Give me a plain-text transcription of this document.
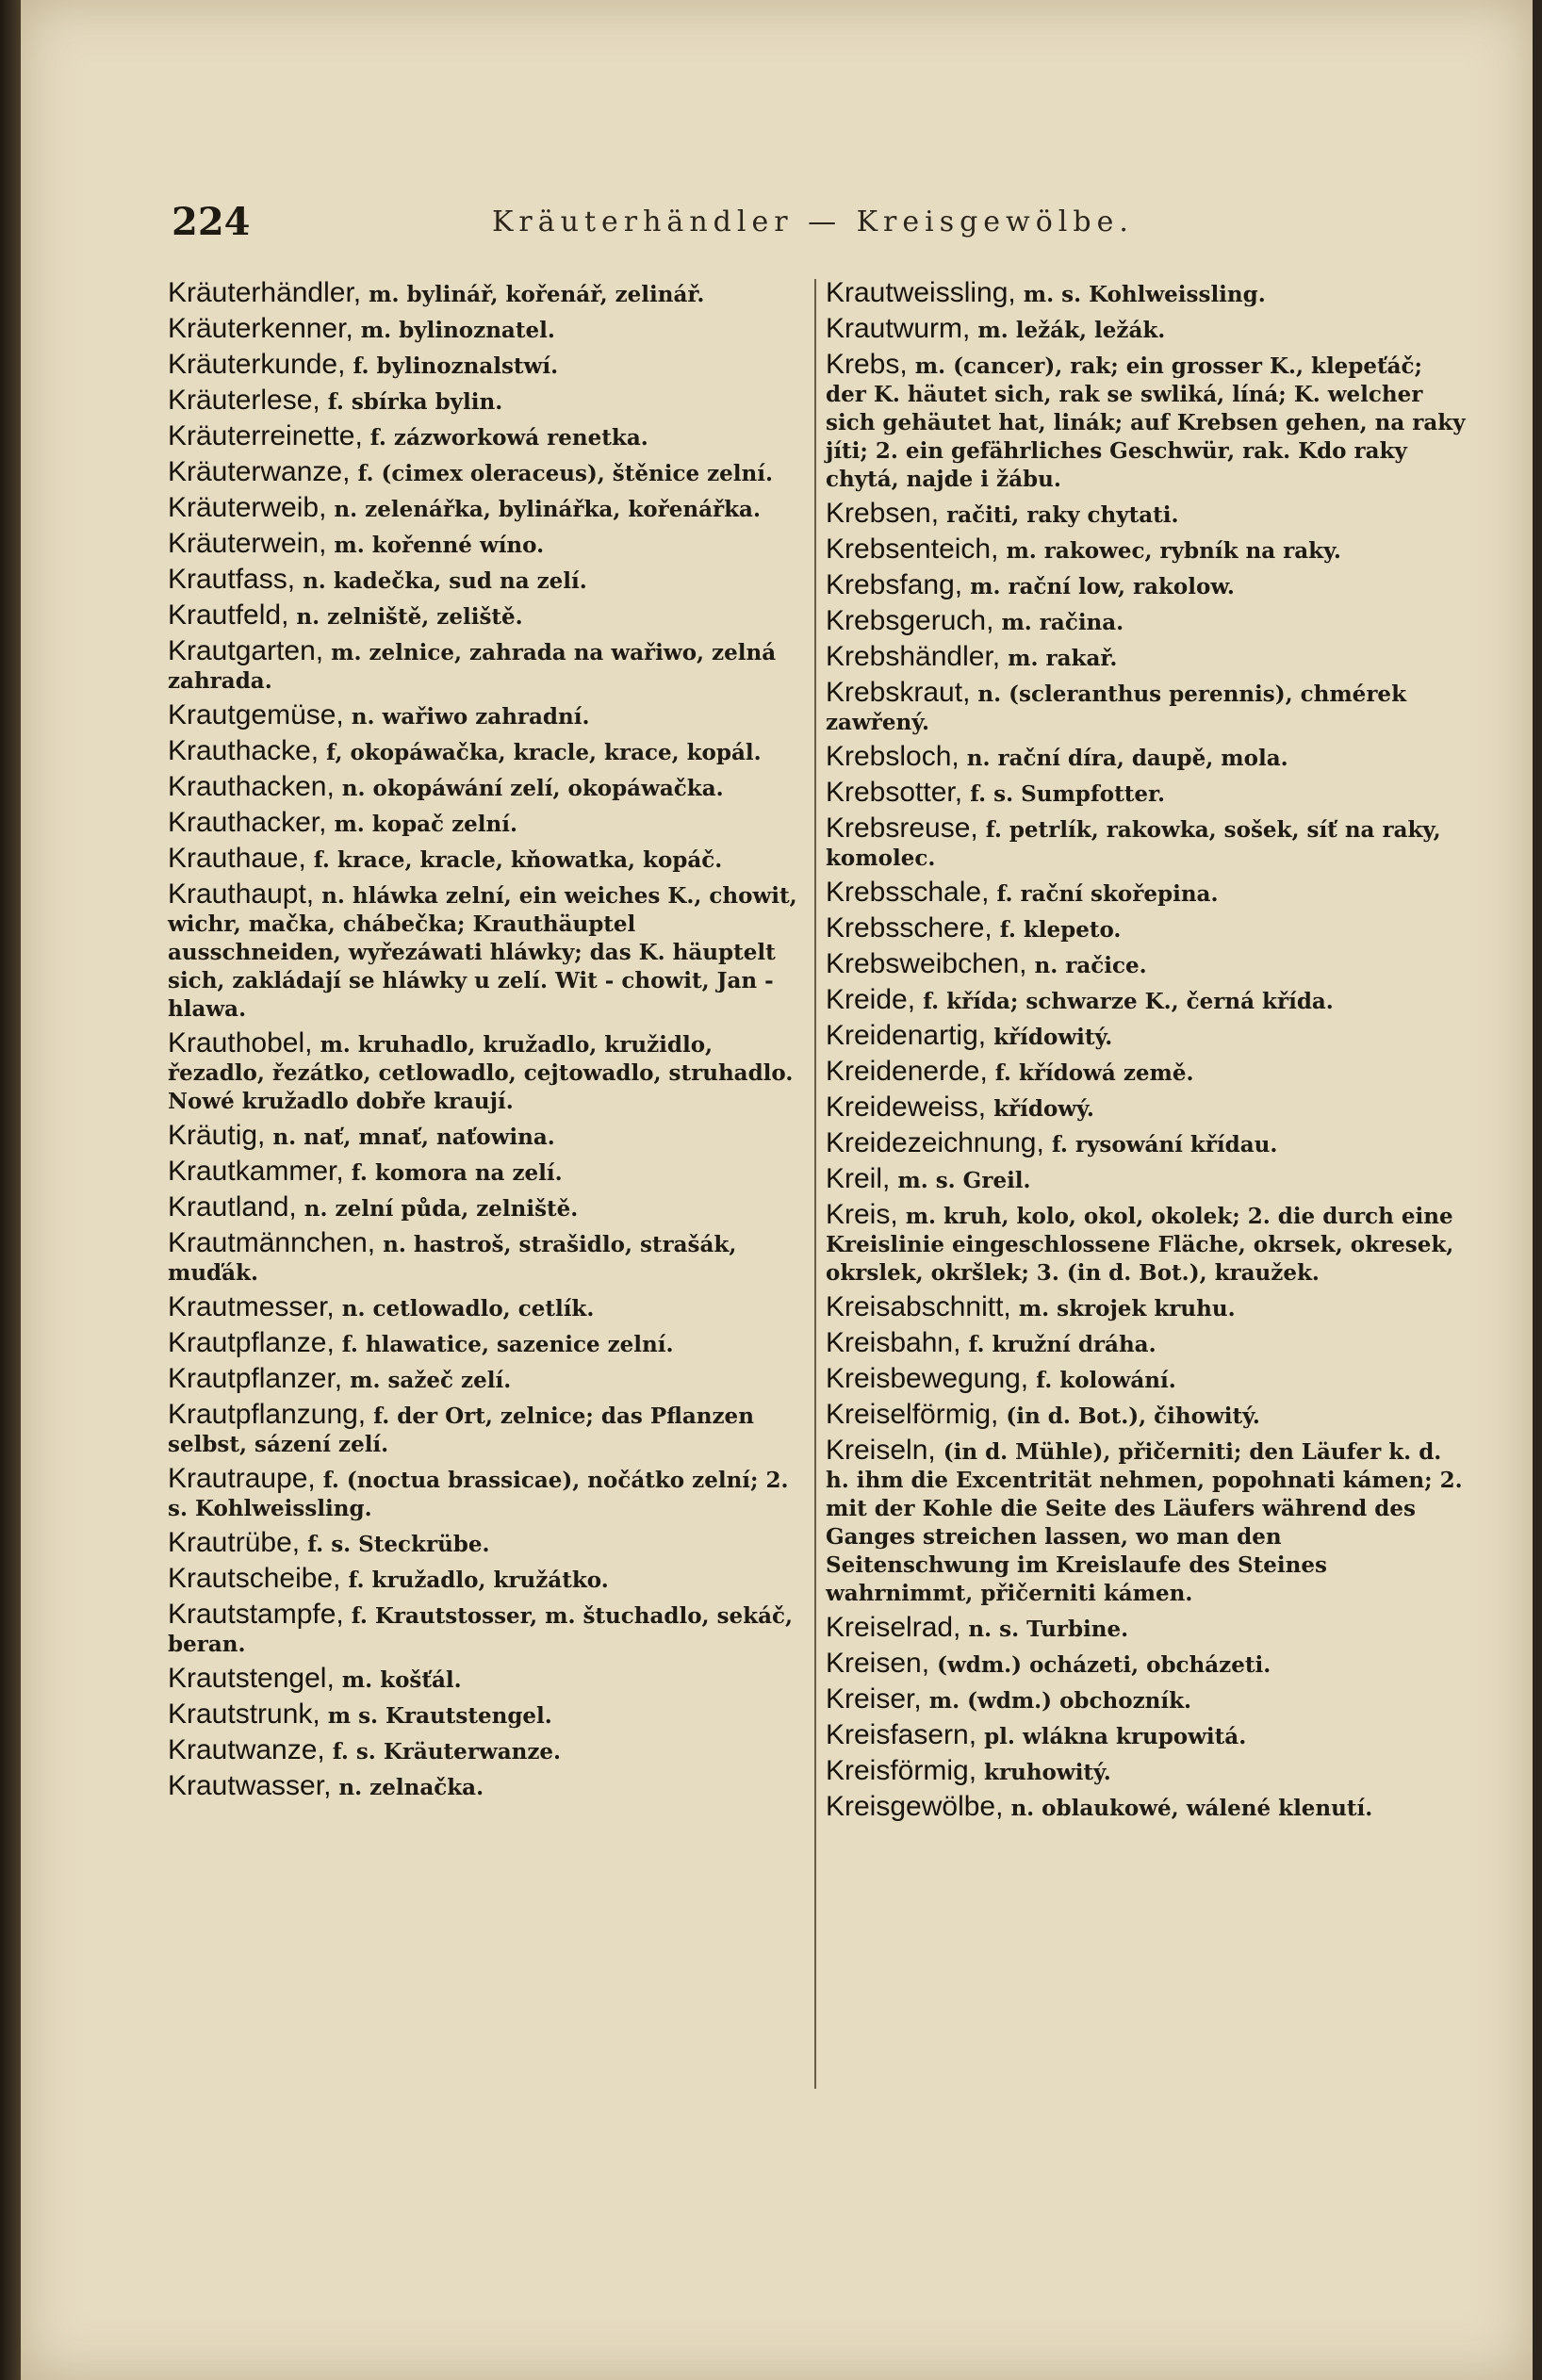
224	Kräuterhändler — Kreisgewölbe.
Kräuterhändler, m. bylinář, kořenář, zelinář.
Kräuterkenner, m. bylinoznatel.
Kräuterkunde, f. bylinoznalstwí.
Kräuterlese, f. sbírka bylin.
Kräuterreinette, f. zázworkowá renetka.
Kräuterwanze, f. (cimex oleraceus), štěnice zelní.
Kräuterweib, n. zelenářka, bylinářka, kořenářka.
Kräuterwein, m. kořenné wíno.
Krautfass, n. kadečka, sud na zelí.
Krautfeld, n. zelniště, zeliště.
Krautgarten, m. zelnice, zahrada na wařiwo, zelná zahrada.
Krautgemüse, n. wařiwo zahradní.
Krauthacke, f, okopáwačka, kracle, krace, kopál.
Krauthacken, n. okopáwání zelí, okopáwačka.
Krauthacker, m. kopač zelní.
Krauthaue, f. krace, kracle, kňowatka, kopáč.
Krauthaupt, n. hláwka zelní, ein weiches K., chowit, wichr, mačka, chábečka; Krauthäuptel ausschneiden, wyřezáwati hláwky; das K. häuptelt sich, zakládají se hláwky u zelí. Wit - chowit, Jan - hlawa.
Krauthobel, m. kruhadlo, kružadlo, kružidlo, řezadlo, řezátko, cetlowadlo, cejtowadlo, struhadlo. Nowé kružadlo dobře kraují.
Kräutig, n. nať, mnať, naťowina.
Krautkammer, f. komora na zelí.
Krautland, n. zelní půda, zelniště.
Krautmännchen, n. hastroš, strašidlo, strašák, muďák.
Krautmesser, n. cetlowadlo, cetlík.
Krautpflanze, f. hlawatice, sazenice zelní.
Krautpflanzer, m. sažeč zelí.
Krautpflanzung, f. der Ort, zelnice; das Pflanzen selbst, sázení zelí.
Krautraupe, f. (noctua brassicae), nočátko zelní; 2. s. Kohlweissling.
Krautrübe, f. s. Steckrübe.
Krautscheibe, f. kružadlo, kružátko.
Krautstampfe, f. Krautstosser, m. štuchadlo, sekáč, beran.
Krautstengel, m. košťál.
Krautstrunk, m s. Krautstengel.
Krautwanze, f. s. Kräuterwanze.
Krautwasser, n. zelnačka.
Krautweissling, m. s. Kohlweissling.
Krautwurm, m. ležák, ležák.
Krebs, m. (cancer), rak; ein grosser K., klepeťáč; der K. häutet sich, rak se swliká, líná; K. welcher sich gehäutet hat, linák; auf Krebsen gehen, na raky jíti; 2. ein gefährliches Geschwür, rak. Kdo raky chytá, najde i žábu.
Krebsen, račiti, raky chytati.
Krebsenteich, m. rakowec, rybník na raky.
Krebsfang, m. rační low, rakolow.
Krebsgeruch, m. račina.
Krebshändler, m. rakař.
Krebskraut, n. (scleranthus perennis), chmérek zawřený.
Krebsloch, n. rační díra, daupě, mola.
Krebsotter, f. s. Sumpfotter.
Krebsreuse, f. petrlík, rakowka, sošek, síť na raky, komolec.
Krebsschale, f. rační skořepina.
Krebsschere, f. klepeto.
Krebsweibchen, n. račice.
Kreide, f. křída; schwarze K., černá křída.
Kreidenartig, křídowitý.
Kreidenerde, f. křídowá země.
Kreideweiss, křídowý.
Kreidezeichnung, f. rysowání křídau.
Kreil, m. s. Greil.
Kreis, m. kruh, kolo, okol, okolek; 2. die durch eine Kreislinie eingeschlossene Fläche, okrsek, okresek, okrslek, okršlek; 3. (in d. Bot.), kraužek.
Kreisabschnitt, m. skrojek kruhu.
Kreisbahn, f. kružní dráha.
Kreisbewegung, f. kolowání.
Kreiselförmig, (in d. Bot.), čihowitý.
Kreiseln, (in d. Mühle), přičerniti; den Läufer k. d. h. ihm die Excentrität nehmen, popohnati kámen; 2. mit der Kohle die Seite des Läufers während des Ganges streichen lassen, wo man den Seitenschwung im Kreislaufe des Steines wahrnimmt, přičerniti kámen.
Kreiselrad, n. s. Turbine.
Kreisen, (wdm.) ocházeti, obcházeti.
Kreiser, m. (wdm.) obchozník.
Kreisfasern, pl. wlákna krupowitá.
Kreisförmig, kruhowitý.
Kreisgewölbe, n. oblaukowé, wálené klenutí.
